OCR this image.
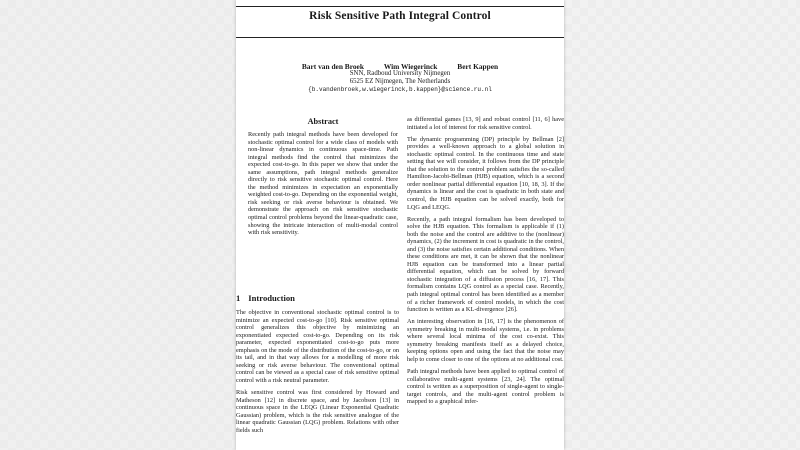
Risk Sensitive Path Integral Control
Bart van den Broek	Wim Wiegerinck	Bert Kappen
SNN, Radboud University Nijmegen
6525 EZ Nijmegen, The Netherlands
{b.vandenbroek,w.wiegerinck,b.kappen}@science.ru.nl
Abstract

Recently path integral methods have been developed for stochastic optimal control for a wide class of models with non-linear dynamics in continuous space-time. Path integral methods find the control that minimizes the expected cost-to-go. In this paper we show that under the same assumptions, path integral methods generalize directly to risk sensitive stochastic optimal control. Here the method minimizes in expectation an exponentially weighted cost-to-go. Depending on the exponential weight, risk seeking or risk averse behaviour is obtained. We demonstrate the approach on risk sensitive stochastic optimal control problems beyond the linear-quadratic case, showing the intricate interaction of multi-modal control with risk sensitivity.

1 Introduction

The objective in conventional stochastic optimal control is to minimize an expected cost-to-go [10]. Risk sensitive optimal control generalizes this objective by minimizing an exponentiated expected cost-to-go. Depending on its risk parameter, expected exponentiated cost-to-go puts more emphasis on the mode of the distribution of the cost-to-go, or on its tail, and in that way allows for a modelling of more risk seeking or risk averse behaviour. The conventional optimal control can be viewed as a special case of risk sensitive optimal control with a risk neutral parameter.

Risk sensitive control was first considered by Howard and Matheson [12] in discrete space, and by Jacobson [13] in continuous space in the LEQG (Linear Exponential Quadratic Gaussian) problem, which is the risk sensitive analogue of the linear quadratic Gaussian (LQG) problem. Relations with other fields such

as differential games [13, 9] and robust control [11, 6] have initiated a lot of interest for risk sensitive control.

The dynamic programming (DP) principle by Bellman [2] provides a well-known approach to a global solution in stochastic optimal control. In the continuous time and state setting that we will consider, it follows from the DP principle that the solution to the control problem satisfies the so-called Hamilton-Jacobi-Bellman (HJB) equation, which is a second order nonlinear partial differential equation [10, 18, 3]. If the dynamics is linear and the cost is quadratic in both state and control, the HJB equation can be solved exactly, both for LQG and LEQG.

Recently, a path integral formalism has been developed to solve the HJB equation. This formalism is applicable if (1) both the noise and the control are additive to the (nonlinear) dynamics, (2) the increment in cost is quadratic in the control, and (3) the noise satisfies certain additional conditions. When these conditions are met, it can be shown that the nonlinear HJB equation can be transformed into a linear partial differential equation, which can be solved by forward stochastic integration of a diffusion process [16, 17]. This formalism contains LQG control as a special case. Recently, path integral optimal control has been identified as a member of a richer framework of control models, in which the cost function is written as a KL-divergence [26].

An interesting observation in [16, 17] is the phenomenon of symmetry breaking in multi-modal systems, i.e. in problems where several local minima of the cost co-exist. This symmetry breaking manifests itself as a delayed choice, keeping options open and using the fact that the noise may help to come closer to one of the options at no additional cost.

Path integral methods have been applied to optimal control of collaborative multi-agent systems [23, 24]. The optimal control is written as a superposition of single-agent to single-target controls, and the multi-agent control problem is mapped to a graphical infer-
